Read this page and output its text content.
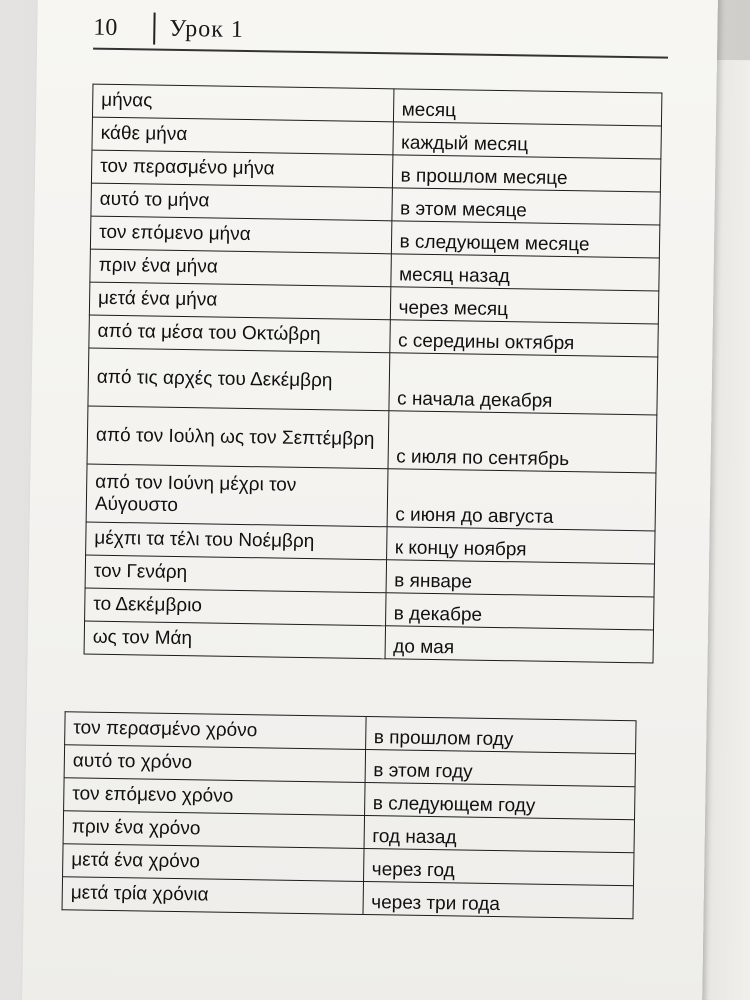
10	Урок 1
μήνας	месяц
κάθε μήνα	каждый месяц
τον περασμένο μήνα	в прошлом месяце
αυτό το μήνα	в этом месяце
τον επόμενο μήνα	в следующем месяце
πριν ένα μήνα	месяц назад
μετά ένα μήνα	через месяц
από τα μέσα του Οκτώβρη	с середины октября
από τις αρχές του Δεκέμβρη	с начала декабря
από τον Ιούλη ως τον Σεπτέμβρη	с июля по сентябрь
από τον Ιούνη μέχρι τον Αύγουστο	с июня до августа
μέχπι τα τέλι του Νοέμβρη	к концу ноября
τον Γενάρη	в январе
το Δεκέμβριο	в декабре
ως τον Μάη	до мая
τον περασμένο χρόνο	в прошлом году
αυτό το χρόνο	в этом году
τον επόμενο χρόνο	в следующем году
πριν ένα χρόνο	год назад
μετά ένα χρόνο	через год
μετά τρία χρόνια	через три года
